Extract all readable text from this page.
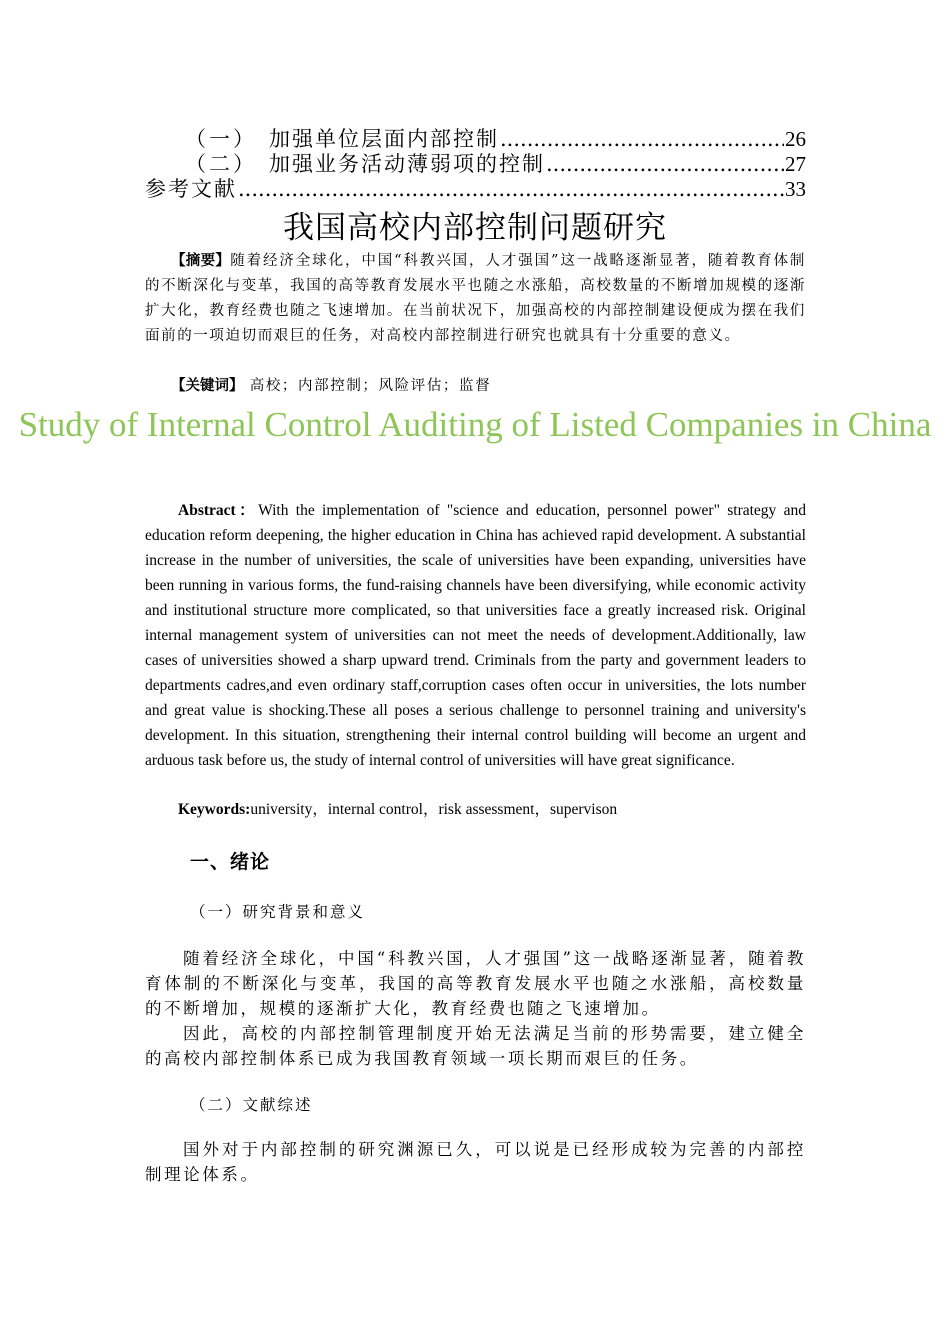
（一） 加强单位层面内部控制 .....	26
（二） 加强业务活动薄弱项的控制 .....	27
参考文献 .....	33
我国高校内部控制问题研究
【摘要】随着经济全球化，中国“科教兴国，人才强国”这一战略逐渐显著，随着教育体制的不断深化与变革，我国的高等教育发展水平也随之水涨船，高校数量的不断增加规模的逐渐扩大化，教育经费也随之飞速增加。在当前状况下，加强高校的内部控制建设便成为摆在我们面前的一项迫切而艰巨的任务，对高校内部控制进行研究也就具有十分重要的意义。
【关键词】 高校；内部控制；风险评估；监督
Study of Internal Control Auditing of Listed Companies in China
Abstract：With the implementation of "science and education, personnel power" strategy and education reform deepening, the higher education in China has achieved rapid development. A substantial increase in the number of universities, the scale of universities have been expanding, universities have been running in various forms, the fund-raising channels have been diversifying, while economic activity and institutional structure more complicated, so that universities face a greatly increased risk. Original internal management system of universities can not meet the needs of development.Additionally, law cases of universities showed a sharp upward trend. Criminals from the party and government leaders to departments cadres,and even ordinary staff,corruption cases often occur in universities, the lots number and great value is shocking.These all poses a serious challenge to personnel training and university's development. In this situation, strengthening their internal control building will become an urgent and arduous task before us, the study of internal control of universities will have great significance.
Keywords:university，internal control，risk assessment，supervison
一、绪论
（一）研究背景和意义
随着经济全球化，中国“科教兴国，人才强国”这一战略逐渐显著，随着教育体制的不断深化与变革，我国的高等教育发展水平也随之水涨船，高校数量的不断增加，规模的逐渐扩大化，教育经费也随之飞速增加。
因此，高校的内部控制管理制度开始无法满足当前的形势需要，建立健全的高校内部控制体系已成为我国教育领域一项长期而艰巨的任务。
（二）文献综述
国外对于内部控制的研究渊源已久，可以说是已经形成较为完善的内部控制理论体系。
